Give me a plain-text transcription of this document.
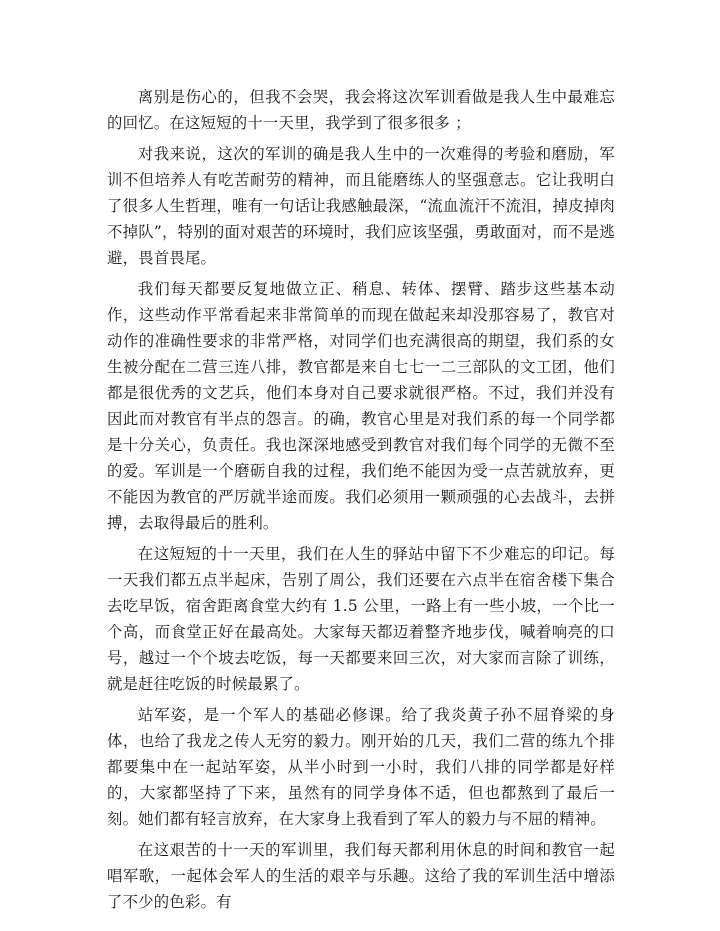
离别是伤心的，但我不会哭，我会将这次军训看做是我人生中最难忘的回忆。在这短短的十一天里，我学到了很多很多 ；

对我来说，这次的军训的确是我人生中的一次难得的考验和磨励，军训不但培养人有吃苦耐劳的精神，而且能磨练人的坚强意志。它让我明白了很多人生哲理，唯有一句话让我感触最深，“流血流汗不流泪，掉皮掉肉不掉队”，特别的面对艰苦的环境时，我们应该坚强，勇敢面对，而不是逃避，畏首畏尾。

我们每天都要反复地做立正、稍息、转体、摆臂、踏步这些基本动作，这些动作平常看起来非常简单的而现在做起来却没那容易了，教官对动作的准确性要求的非常严格，对同学们也充满很高的期望，我们系的女生被分配在二营三连八排，教官都是来自七七一二三部队的文工团，他们都是很优秀的文艺兵，他们本身对自己要求就很严格。不过，我们并没有因此而对教官有半点的怨言。的确，教官心里是对我们系的每一个同学都是十分关心，负责任。我也深深地感受到教官对我们每个同学的无微不至的爱。军训是一个磨砺自我的过程，我们绝不能因为受一点苦就放弃，更不能因为教官的严厉就半途而废。我们必须用一颗顽强的心去战斗，去拼搏，去取得最后的胜利。

在这短短的十一天里，我们在人生的驿站中留下不少难忘的印记。每一天我们都五点半起床，告别了周公，我们还要在六点半在宿舍楼下集合去吃早饭，宿舍距离食堂大约有 1.5 公里，一路上有一些小坡，一个比一个高，而食堂正好在最高处。大家每天都迈着整齐地步伐，喊着响亮的口号，越过一个个坡去吃饭，每一天都要来回三次，对大家而言除了训练，就是赶往吃饭的时候最累了。

站军姿，是一个军人的基础必修课。给了我炎黄子孙不屈脊梁的身体，也给了我龙之传人无穷的毅力。刚开始的几天，我们二营的练九个排都要集中在一起站军姿，从半小时到一小时，我们八排的同学都是好样的，大家都坚持了下来，虽然有的同学身体不适，但也都熬到了最后一刻。她们都有轻言放弃，在大家身上我看到了军人的毅力与不屈的精神。

在这艰苦的十一天的军训里，我们每天都利用休息的时间和教官一起唱军歌，一起体会军人的生活的艰辛与乐趣。这给了我的军训生活中增添了不少的色彩。有
